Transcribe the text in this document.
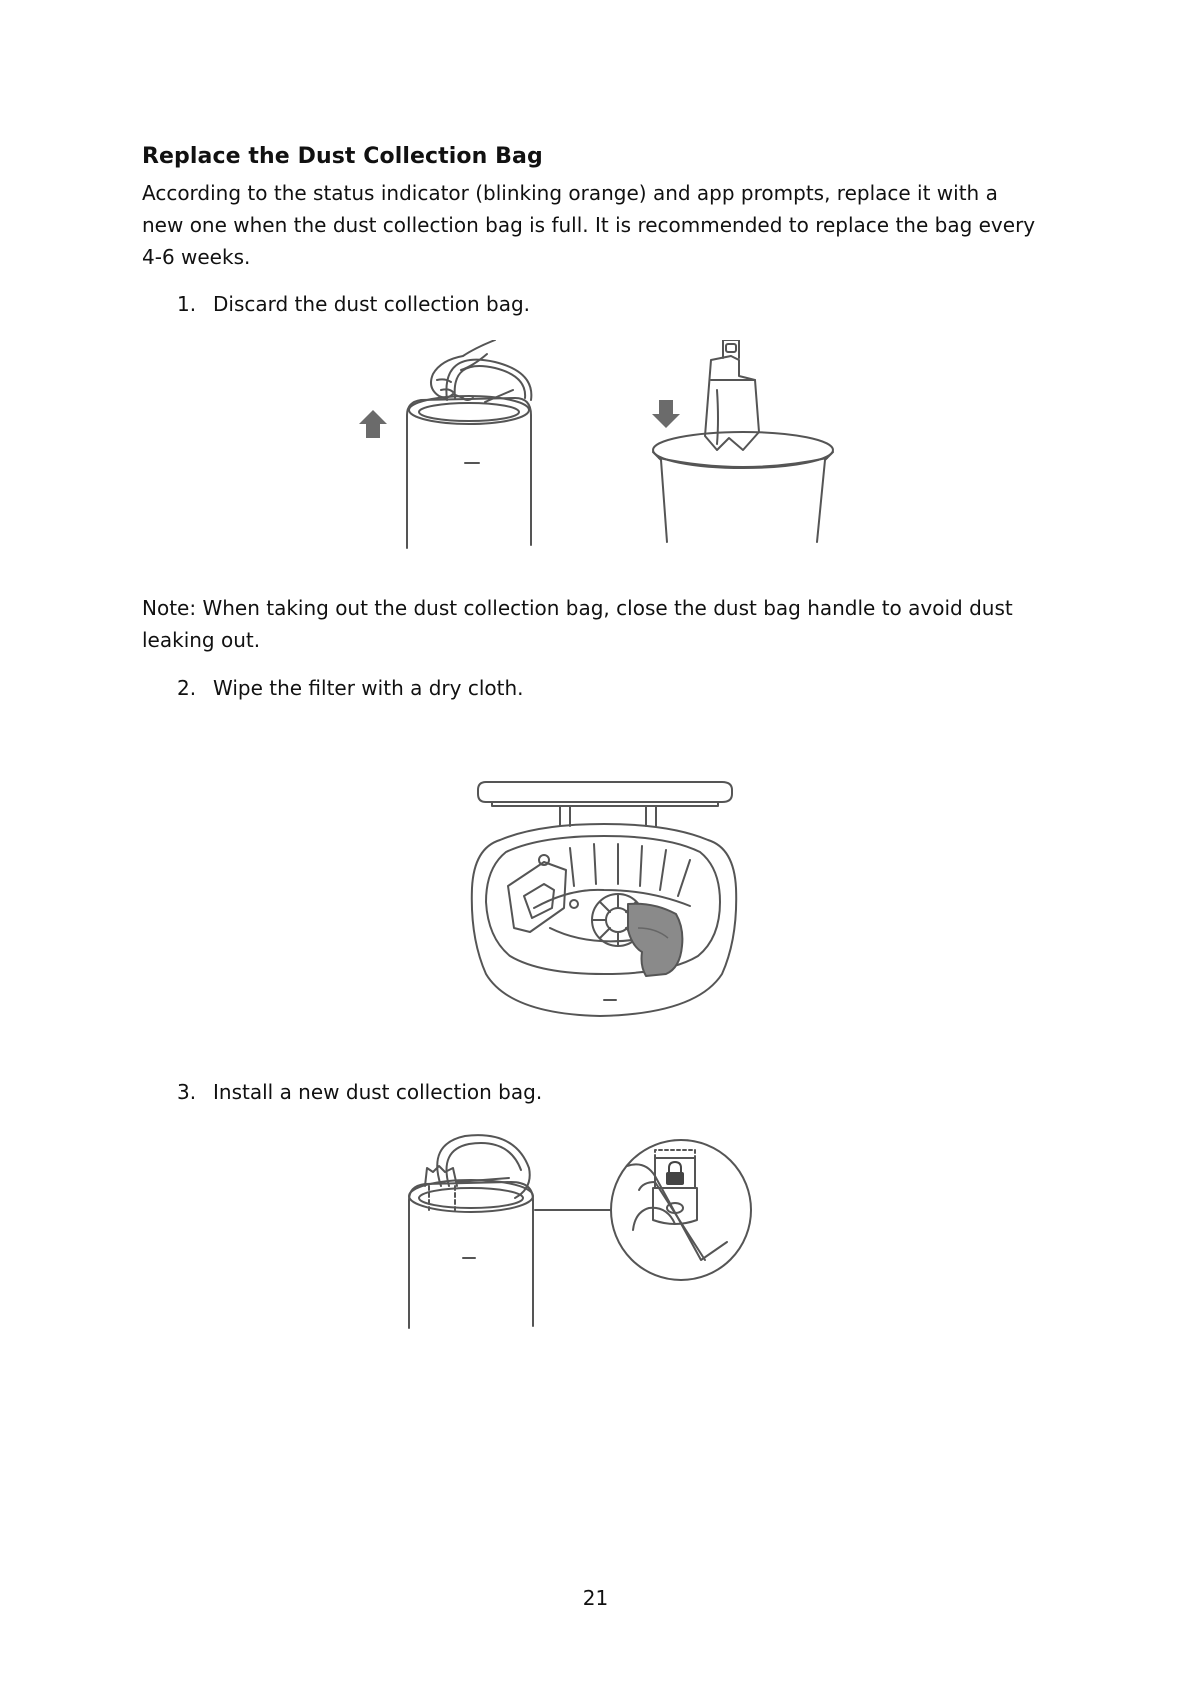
Replace the Dust Collection Bag
According to the status indicator (blinking orange) and app prompts, replace it with a new one when the dust collection bag is full. It is recommended to replace the bag every 4-6 weeks.
1. Discard the dust collection bag.
Note: When taking out the dust collection bag, close the dust bag handle to avoid dust leaking out.
2. Wipe the filter with a dry cloth.
3. Install a new dust collection bag.
21
